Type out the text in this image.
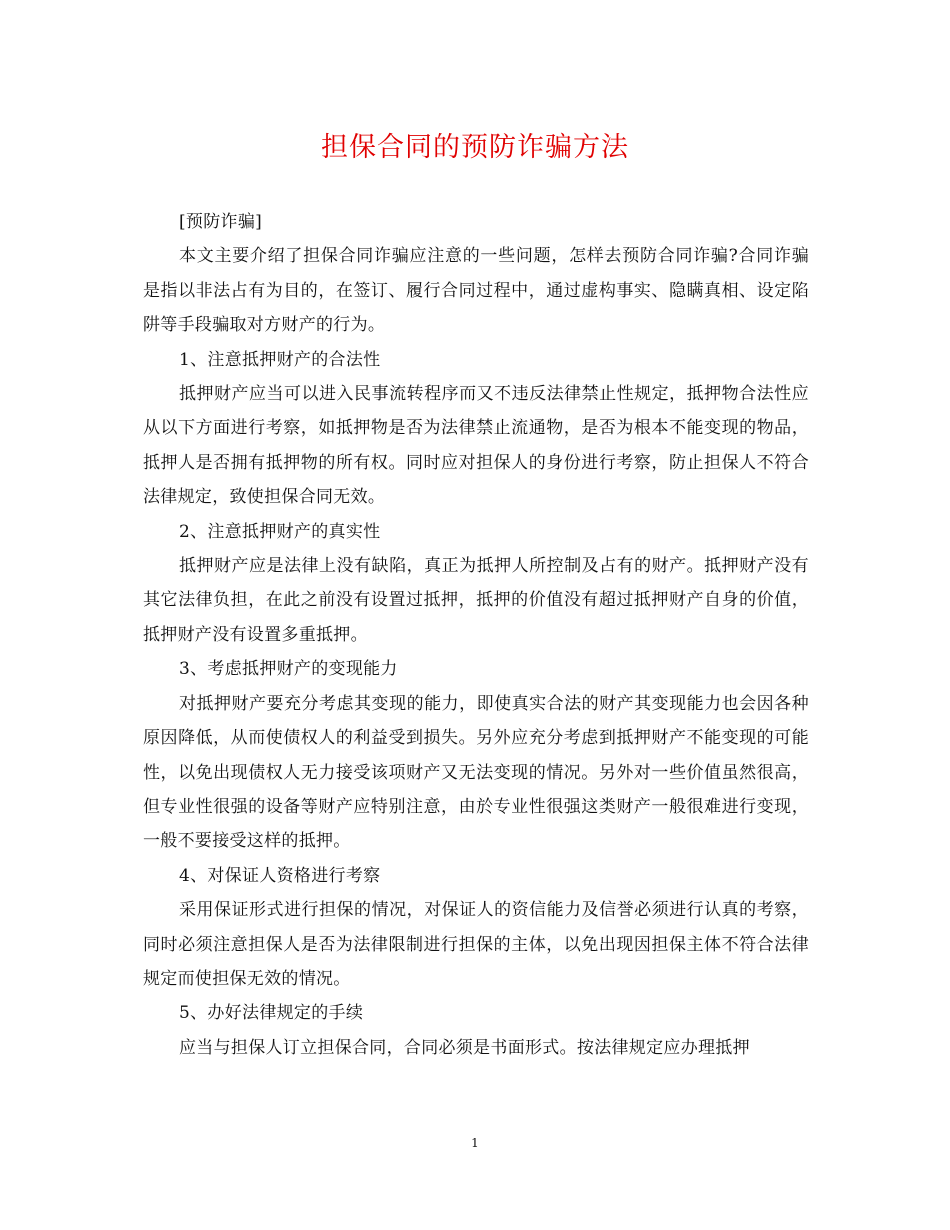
担保合同的预防诈骗方法

[预防诈骗]

本文主要介绍了担保合同诈骗应注意的一些问题，怎样去预防合同诈骗?合同诈骗是指以非法占有为目的，在签订、履行合同过程中，通过虚构事实、隐瞒真相、设定陷阱等手段骗取对方财产的行为。

1、注意抵押财产的合法性

抵押财产应当可以进入民事流转程序而又不违反法律禁止性规定，抵押物合法性应从以下方面进行考察，如抵押物是否为法律禁止流通物，是否为根本不能变现的物品，抵押人是否拥有抵押物的所有权。同时应对担保人的身份进行考察，防止担保人不符合法律规定，致使担保合同无效。

2、注意抵押财产的真实性

抵押财产应是法律上没有缺陷，真正为抵押人所控制及占有的财产。抵押财产没有其它法律负担，在此之前没有设置过抵押，抵押的价值没有超过抵押财产自身的价值，抵押财产没有设置多重抵押。

3、考虑抵押财产的变现能力

对抵押财产要充分考虑其变现的能力，即使真实合法的财产其变现能力也会因各种原因降低，从而使债权人的利益受到损失。另外应充分考虑到抵押财产不能变现的可能性，以免出现债权人无力接受该项财产又无法变现的情况。另外对一些价值虽然很高，但专业性很强的设备等财产应特别注意，由於专业性很强这类财产一般很难进行变现，一般不要接受这样的抵押。

4、对保证人资格进行考察

采用保证形式进行担保的情况，对保证人的资信能力及信誉必须进行认真的考察，同时必须注意担保人是否为法律限制进行担保的主体，以免出现因担保主体不符合法律规定而使担保无效的情况。

5、办好法律规定的手续

应当与担保人订立担保合同，合同必须是书面形式。按法律规定应办理抵押

1
